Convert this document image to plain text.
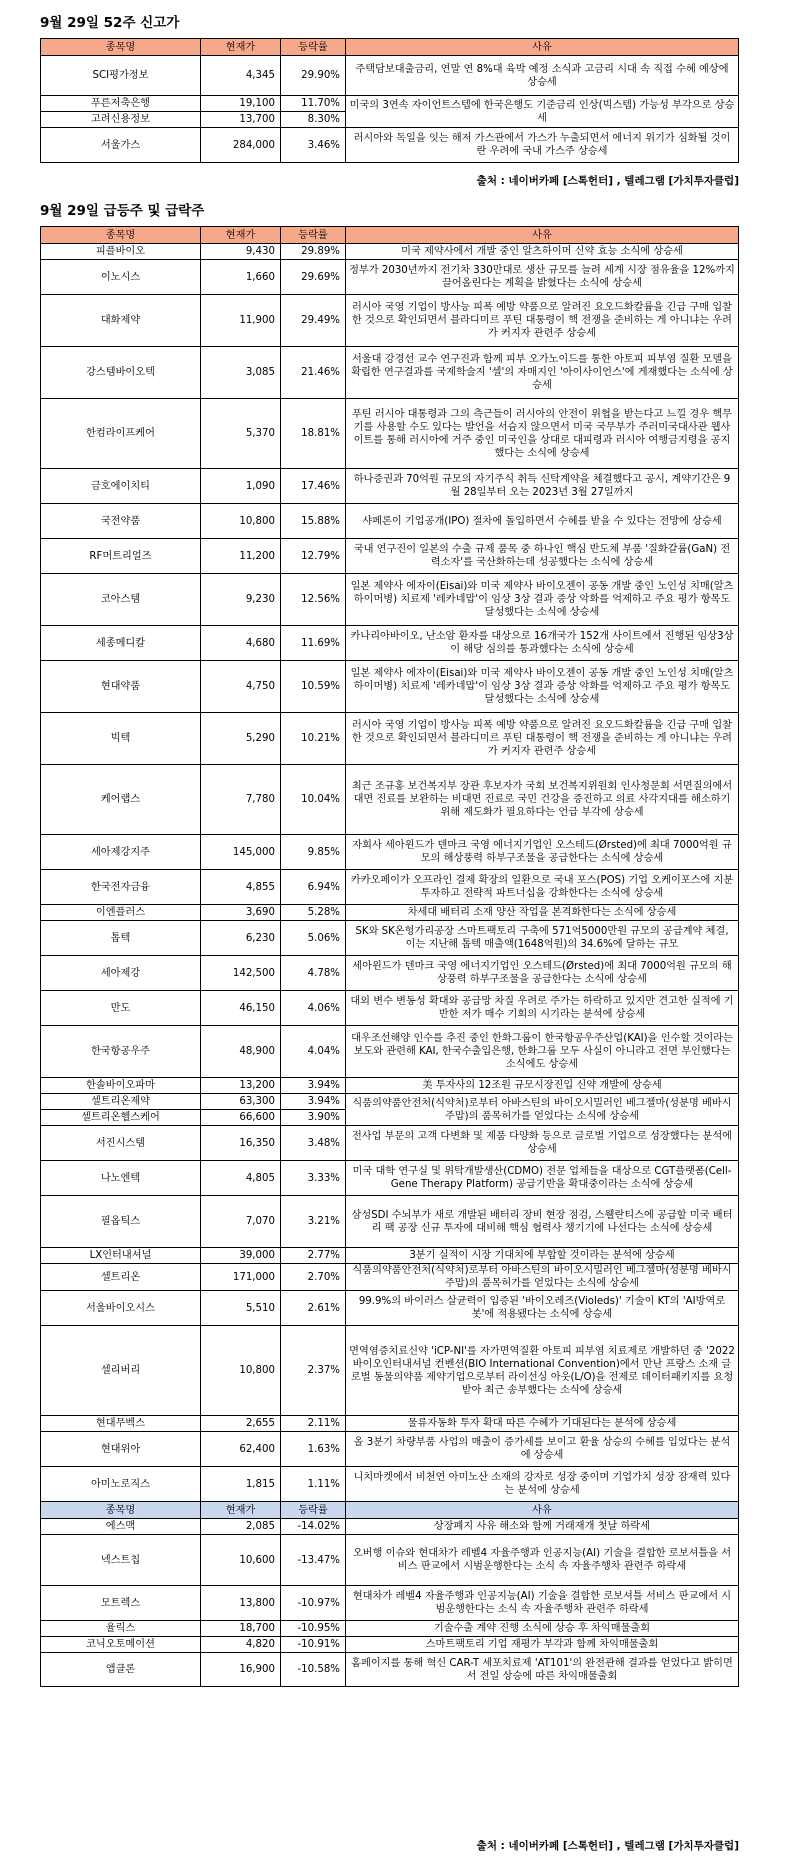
9월 29일 52주 신고가
종목명	현재가	등락률	사유
SCI평가정보	4,345	29.90%	주택담보대출금리, 연말 연 8%대 육박 예정 소식과 고금리 시대 속 직접 수혜 예상에 상승세
푸른저축은행	19,100	11.70%	미국의 3연속 자이언트스텝에 한국은행도 기준금리 인상(빅스텝) 가능성 부각으로 상승세
고려신용정보	13,700	8.30%	
서울가스	284,000	3.46%	러시아와 독일을 잇는 해저 가스관에서 가스가 누출되면서 에너지 위기가 심화될 것이란 우려에 국내 가스주 상승세
출처 : 네이버카페 [스톡헌터] , 텔레그램 [가치투자클럽]
9월 29일 급등주 및 급락주
종목명	현재가	등락률	사유
피플바이오	9,430	29.89%	미국 제약사에서 개발 중인 알츠하이머 신약 효능 소식에 상승세
이노시스	1,660	29.69%	정부가 2030년까지 전기차 330만대로 생산 규모를 늘려 세계 시장 점유율을 12%까지 끌어올린다는 계획을 밝혔다는 소식에 상승세
대화제약	11,900	29.49%	러시아 국영 기업이 방사능 피폭 예방 약품으로 알려진 요오드화칼륨을 긴급 구매 입찰한 것으로 확인되면서 블라디미르 푸틴 대통령이 핵 전쟁을 준비하는 게 아니냐는 우려가 커지자 관련주 상승세
강스템바이오텍	3,085	21.46%	서울대 강경선 교수 연구진과 함께 피부 오가노이드를 통한 아토피 피부염 질환 모델을 확립한 연구결과를 국제학술지 '셀'의 자매지인 '아이사이언스'에 게재했다는 소식에 상승세
한컴라이프케어	5,370	18.81%	푸틴 러시아 대통령과 그의 측근들이 러시아의 안전이 위협을 받는다고 느낄 경우 핵무기를 사용할 수도 있다는 발언을 서슴지 않으면서 미국 국무부가 주러미국대사관 웹사이트를 통해 러시아에 거주 중인 미국인을 상대로 대피령과 러시아 여행금지령을 공지했다는 소식에 상승세
금호에이치티	1,090	17.46%	하나증권과 70억원 규모의 자기주식 취득 신탁계약을 체결했다고 공시, 계약기간은 9월 28일부터 오는 2023년 3월 27일까지
국전약품	10,800	15.88%	샤페론이 기업공개(IPO) 절차에 돌입하면서 수혜를 받을 수 있다는 전망에 상승세
RF머트리얼즈	11,200	12.79%	국내 연구진이 일본의 수출 규제 품목 중 하나인 핵심 반도체 부품 '질화갈륨(GaN) 전력소자'를 국산화하는데 성공했다는 소식에 상승세
코아스템	9,230	12.56%	일본 제약사 에자이(Eisai)와 미국 제약사 바이오젠이 공동 개발 중인 노인성 치매(알츠하이머병) 치료제 '레카네맙'이 임상 3상 결과 증상 악화를 억제하고 주요 평가 항목도 달성했다는 소식에 상승세
세종메디칼	4,680	11.69%	카나리아바이오, 난소암 환자를 대상으로 16개국가 152개 사이트에서 진행된 임상3상이 해당 심의를 통과했다는 소식에 상승세
현대약품	4,750	10.59%	일본 제약사 에자이(Eisai)와 미국 제약사 바이오젠이 공동 개발 중인 노인성 치매(알츠하이머병) 치료제 '레카네맙'이 임상 3상 결과 증상 악화를 억제하고 주요 평가 항목도 달성했다는 소식에 상승세
빅텍	5,290	10.21%	러시아 국영 기업이 방사능 피폭 예방 약품으로 알려진 요오드화칼륨을 긴급 구매 입찰한 것으로 확인되면서 블라디미르 푸틴 대통령이 핵 전쟁을 준비하는 게 아니냐는 우려가 커지자 관련주 상승세
케어랩스	7,780	10.04%	최근 조규홍 보건복지부 장관 후보자가 국회 보건복지위원회 인사청문회 서면질의에서 대면 진료를 보완하는 비대면 진료로 국민 건강을 증진하고 의료 사각지대를 해소하기 위해 제도화가 필요하다는 언급 부각에 상승세
세아제강지주	145,000	9.85%	자회사 세아윈드가 덴마크 국영 에너지기업인 오스테드(Ørsted)에 최대 7000억원 규모의 해상풍력 하부구조물을 공급한다는 소식에 상승세
한국전자금융	4,855	6.94%	카카오페이가 오프라인 결제 확장의 일환으로 국내 포스(POS) 기업 오케이포스에 지분 투자하고 전략적 파트너십을 강화한다는 소식에 상승세
이엔플러스	3,690	5.28%	차세대 배터리 소재 양산 작업을 본격화한다는 소식에 상승세
톱텍	6,230	5.06%	SK와 SK온헝가리공장 스마트팩토리 구축에 571억5000만원 규모의 공급계약 체결, 이는 지난해 톱텍 매출액(1648억원)의 34.6%에 달하는 규모
세아제강	142,500	4.78%	세아윈드가 덴마크 국영 에너지기업인 오스테드(Ørsted)에 최대 7000억원 규모의 해상풍력 하부구조물을 공급한다는 소식에 상승세
만도	46,150	4.06%	대외 변수 변동성 확대와 공급망 차질 우려로 주가는 하락하고 있지만 견고한 실적에 기반한 저가 매수 기회의 시기라는 분석에 상승세
한국항공우주	48,900	4.04%	대우조선해양 인수를 추진 중인 한화그룹이 한국항공우주산업(KAI)을 인수할 것이라는 보도와 관련해 KAI, 한국수출입은행, 한화그룹 모두 사실이 아니라고 전면 부인했다는 소식에도 상승세
한솔바이오파마	13,200	3.94%	美 투자사의 12조원 규모시장진입 신약 개발에 상승세
셀트리온제약	63,300	3.94%	식품의약품안전처(식약처)로부터 아바스틴의 바이오시밀러인 베그젤마(성분명 베바시주맙)의 품목허가를 얻었다는 소식에 상승세
셀트리온헬스케어	66,600	3.90%	
서진시스템	16,350	3.48%	전사업 부문의 고객 다변화 및 제품 다양화 등으로 글로벌 기업으로 성장했다는 분석에 상승세
나노엔텍	4,805	3.33%	미국 대학 연구실 및 위탁개발생산(CDMO) 전문 업체들을 대상으로 CGT플랫폼(Cell-Gene Therapy Platform) 공급기반을 확대중이라는 소식에 상승세
필옵틱스	7,070	3.21%	삼성SDI 수뇌부가 새로 개발된 배터리 장비 현장 점검, 스웰란티스에 공급할 미국 배터리 팩 공장 신규 투자에 대비해 핵심 협력사 챙기기에 나선다는 소식에 상승세
LX인터내셔널	39,000	2.77%	3분기 실적이 시장 기대치에 부합할 것이라는 분석에 상승세
셀트리온	171,000	2.70%	식품의약품안전처(식약처)로부터 아바스틴의 바이오시밀러인 베그젤마(성분명 베바시주맙)의 품목허가를 얻었다는 소식에 상승세
서울바이오시스	5,510	2.61%	99.9%의 바이러스 살균력이 입증된 '바이오레즈(Violeds)' 기술이 KT의 'AI방역로봇'에 적용됐다는 소식에 상승세
셀리버리	10,800	2.37%	면역염증치료신약 'iCP-NI'를 자가면역질환 아토피 피부염 치료제로 개발하던 중 '2022 바이오인터내셔널 컨벤션(BIO International Convention)에서 만난 프랑스 소재 글로벌 동물의약품 제약기업으로부터 라이선싱 아웃(L/O)을 전제로 데이터패키지를 요청받아 최근 송부했다는 소식에 상승세
현대무벡스	2,655	2.11%	물류자동화 투자 확대 따른 수혜가 기대된다는 분석에 상승세
현대위아	62,400	1.63%	올 3분기 차량부품 사업의 매출이 증가세를 보이고 환율 상승의 수혜를 입었다는 분석에 상승세
아미노로직스	1,815	1.11%	니치마켓에서 비천연 아미노산 소재의 강자로 성장 중이며 기업가치 성장 잠재력 있다는 분석에 상승세
종목명	현재가	등락률	사유
에스맥	2,085	-14.02%	상장폐지 사유 해소와 함께 거래재개 첫날 하락세
넥스트칩	10,600	-13.47%	오버행 이슈와 현대차가 레벨4 자율주행과 인공지능(AI) 기술을 결합한 로보셔틀을 서비스 판교에서 시범운행한다는 소식 속 자율주행차 관련주 하락세
모트렉스	13,800	-10.97%	현대차가 레벨4 자율주행과 인공지능(AI) 기술을 결합한 로보셔틀 서비스 판교에서 시범운행한다는 소식 속 자율주행차 관련주 하락세
율릭스	18,700	-10.95%	기술수출 계약 진행 소식에 상승 후 차익매물출회
코닉오토메이션	4,820	-10.91%	스마트팩토리 기업 재평가 부각과 함께 차익매물출회
앱클론	16,900	-10.58%	홈페이지를 통해 혁신 CAR-T 세포치료제 'AT101'의 완전관해 결과를 얻었다고 밝히면서 전일 상승에 따른 차익매물출회
출처 : 네이버카페 [스톡헌터] , 텔레그램 [가치투자클럽]
